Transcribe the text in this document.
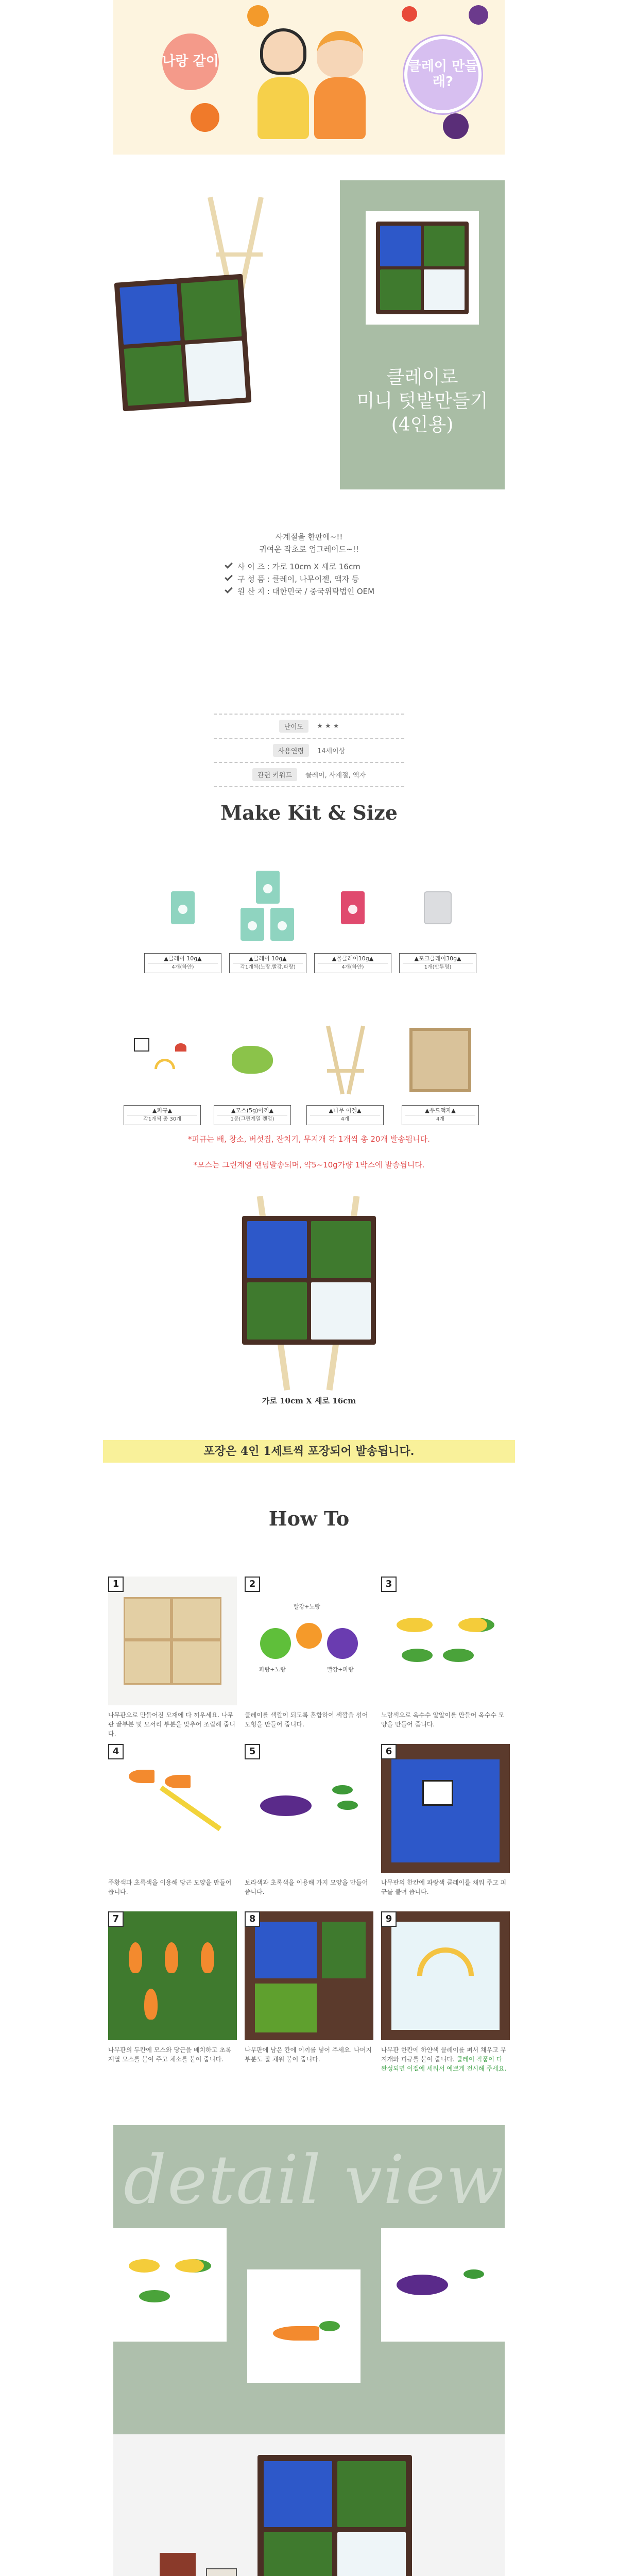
나랑 같이	클레이 만들래?
클레이로
미니 텃밭만들기
(4인용)
사계절을 한판에~!!
귀여운 작초로 업그레이드~!!
사 이 즈 : 가로 10cm X 세로 16cm
구 성 품 : 클레이, 나무이젤, 액자 등
원 산 지 : 대한민국 / 중국위탁법인 OEM
난이도	★ ★ ★
사용연령	14세이상
관련 키워드	클레이, 사계절, 액자
Make Kit & Size
▲클레이 10g▲
4개(하얀)
▲클레이 10g▲
각1개씩(노랑,빨강,파랑)
▲물클레이10g▲
4개(하얀)
▲포크클레이30g▲
1개(반투명)
▲피규▲
각1개씩 총 30개
▲모스(5g)이끼▲
1봉(그린계열 랜덤)
▲나무 이젤▲
4개
▲우드액자▲
4개
*피규는 배, 창소, 버섯집, 잔치기, 무지개 각 1개씩 총 20개 발송됩니다.
*모스는 그린계열 랜덤발송되며, 약5~10g가량 1박스에 발송됩니다.
가로 10cm X 세로 16cm
포장은 4인 1세트씩 포장되어 발송됩니다.
How To
1
나무판으로 만들어진 모재에 다 끼우세요. 나무판 끝부분 및 모서리 부분을 맞추어 조립해 줍니다.
2
빨강+노랑
파랑+노랑	빨강+파랑
클레이를 색깔이 되도록 혼합하여 색깔을 섞어 모형을 만들어 줍니다.
3
노랑색으로 옥수수 알알이를 만들어 옥수수 모양을 만들어 줍니다.
4
주황색과 초록색을 이용해 당근 모양을 만들어 줍니다.
5
보라색과 초록색을 이용해 가지 모양을 만들어 줍니다.
6
나무판의 한칸에 파랑색 클레이를 채워 주고 피규를 붙여 줍니다.
7
나무판의 두칸에 모스와 당근을 배치하고 초록 계열 모스를 붙여 주고 채소를 붙여 줍니다.
8
나무판에 남은 칸에 이끼를 넣어 주세요. 나머지 부분도 잘 채워 붙여 줍니다.
9
나무판 한칸에 하얀색 클레이를 펴서 채우고 무지개와 피규를 붙여 줍니다. 클레이 작품이 다 완성되면 이젤에 세워서 예쁘게 전시해 주세요.
detail view
